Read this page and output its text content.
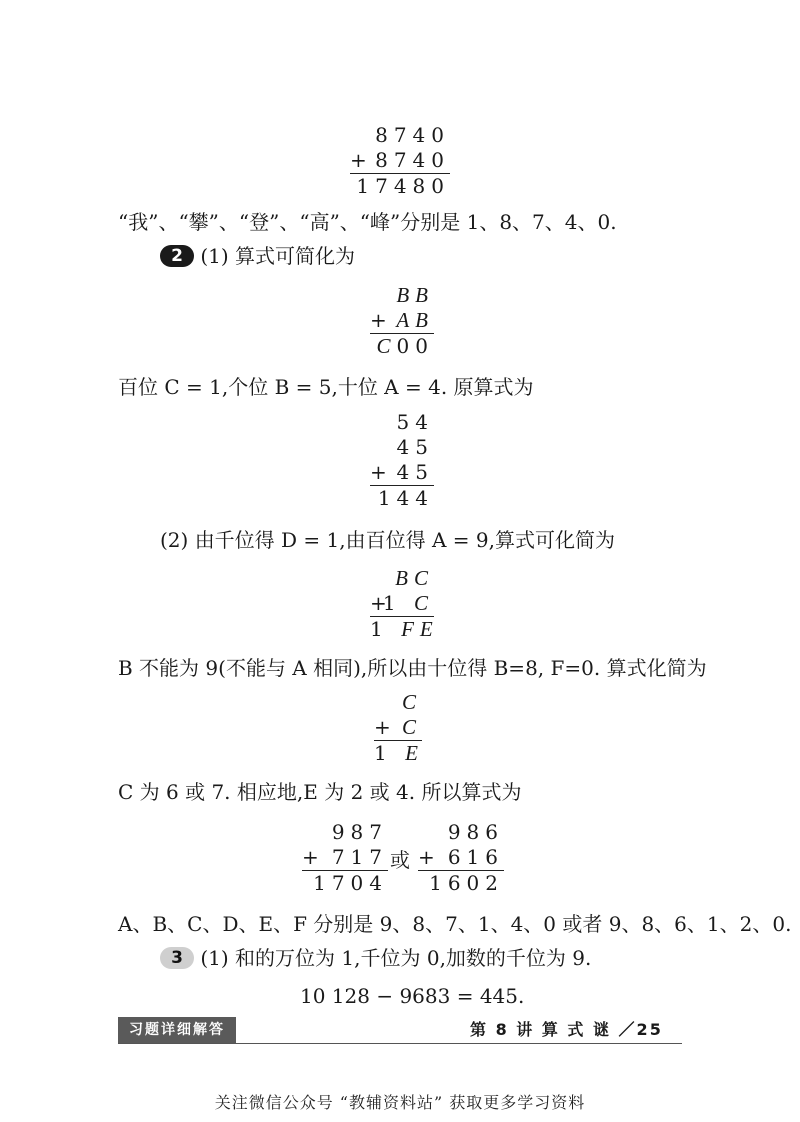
8740
+ 8740
17480
“我”、“攀”、“登”、“高”、“峰”分别是 1、8、7、4、0.
2 (1) 算式可简化为
BB
+ AB
C00
百位 C = 1,个位 B = 5,十位 A = 4. 原算式为
54
45
+ 45
144
(2) 由千位得 D = 1,由百位得 A = 9,算式可化简为
BC
+
1 C
1 FE
B 不能为 9(不能与 A 相同),所以由十位得 B=8, F=0. 算式化简为
C
+ C
1 E
C 为 6 或 7. 相应地,E 为 2 或 4. 所以算式为
987
+ 717
1704
或
986
+ 616
1602
A、B、C、D、E、F 分别是 9、8、7、1、4、0 或者 9、8、6、1、2、0.
3 (1) 和的万位为 1,千位为 0,加数的千位为 9.
10 128 − 9683 = 445.
习题详细解答	第 8 讲 算 式 谜 ／25
关注微信公众号 “教辅资料站” 获取更多学习资料
